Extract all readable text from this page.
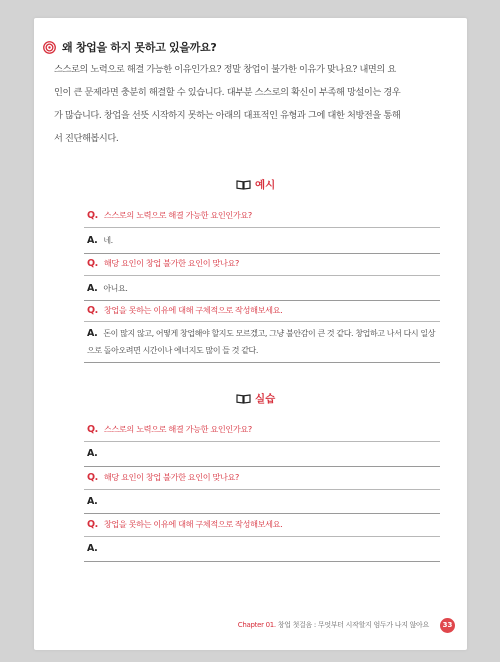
왜 창업을 하지 못하고 있을까요?
스스로의 노력으로 해결 가능한 이유인가요? 정말 창업이 불가한 이유가 맞나요? 내면의 요인이 큰 문제라면 충분히 해결할 수 있습니다. 대부분 스스로의 확신이 부족해 망설이는 경우가 많습니다. 창업을 선뜻 시작하지 못하는 아래의 대표적인 유형과 그에 대한 처방전을 통해서 진단해봅시다.
예시
Q. 스스로의 노력으로 해결 가능한 요인인가요?
A. 네.
Q. 해당 요인이 창업 불가한 요인이 맞나요?
A. 아니요.
Q. 창업을 못하는 이유에 대해 구체적으로 작성해보세요.
A. 돈이 많지 않고, 어떻게 창업해야 할지도 모르겠고, 그냥 불안감이 큰 것 같다. 창업하고 나서 다시 일상으로 돌아오려면 시간이나 에너지도 많이 들 것 같다.
실습
Q. 스스로의 노력으로 해결 가능한 요인인가요?
A.
Q. 해당 요인이 창업 불가한 요인이 맞나요?
A.
Q. 창업을 못하는 이유에 대해 구체적으로 작성해보세요.
A.
Chapter 01. 창업 첫걸음 : 무엇부터 시작할지 엄두가 나지 않아요	33
